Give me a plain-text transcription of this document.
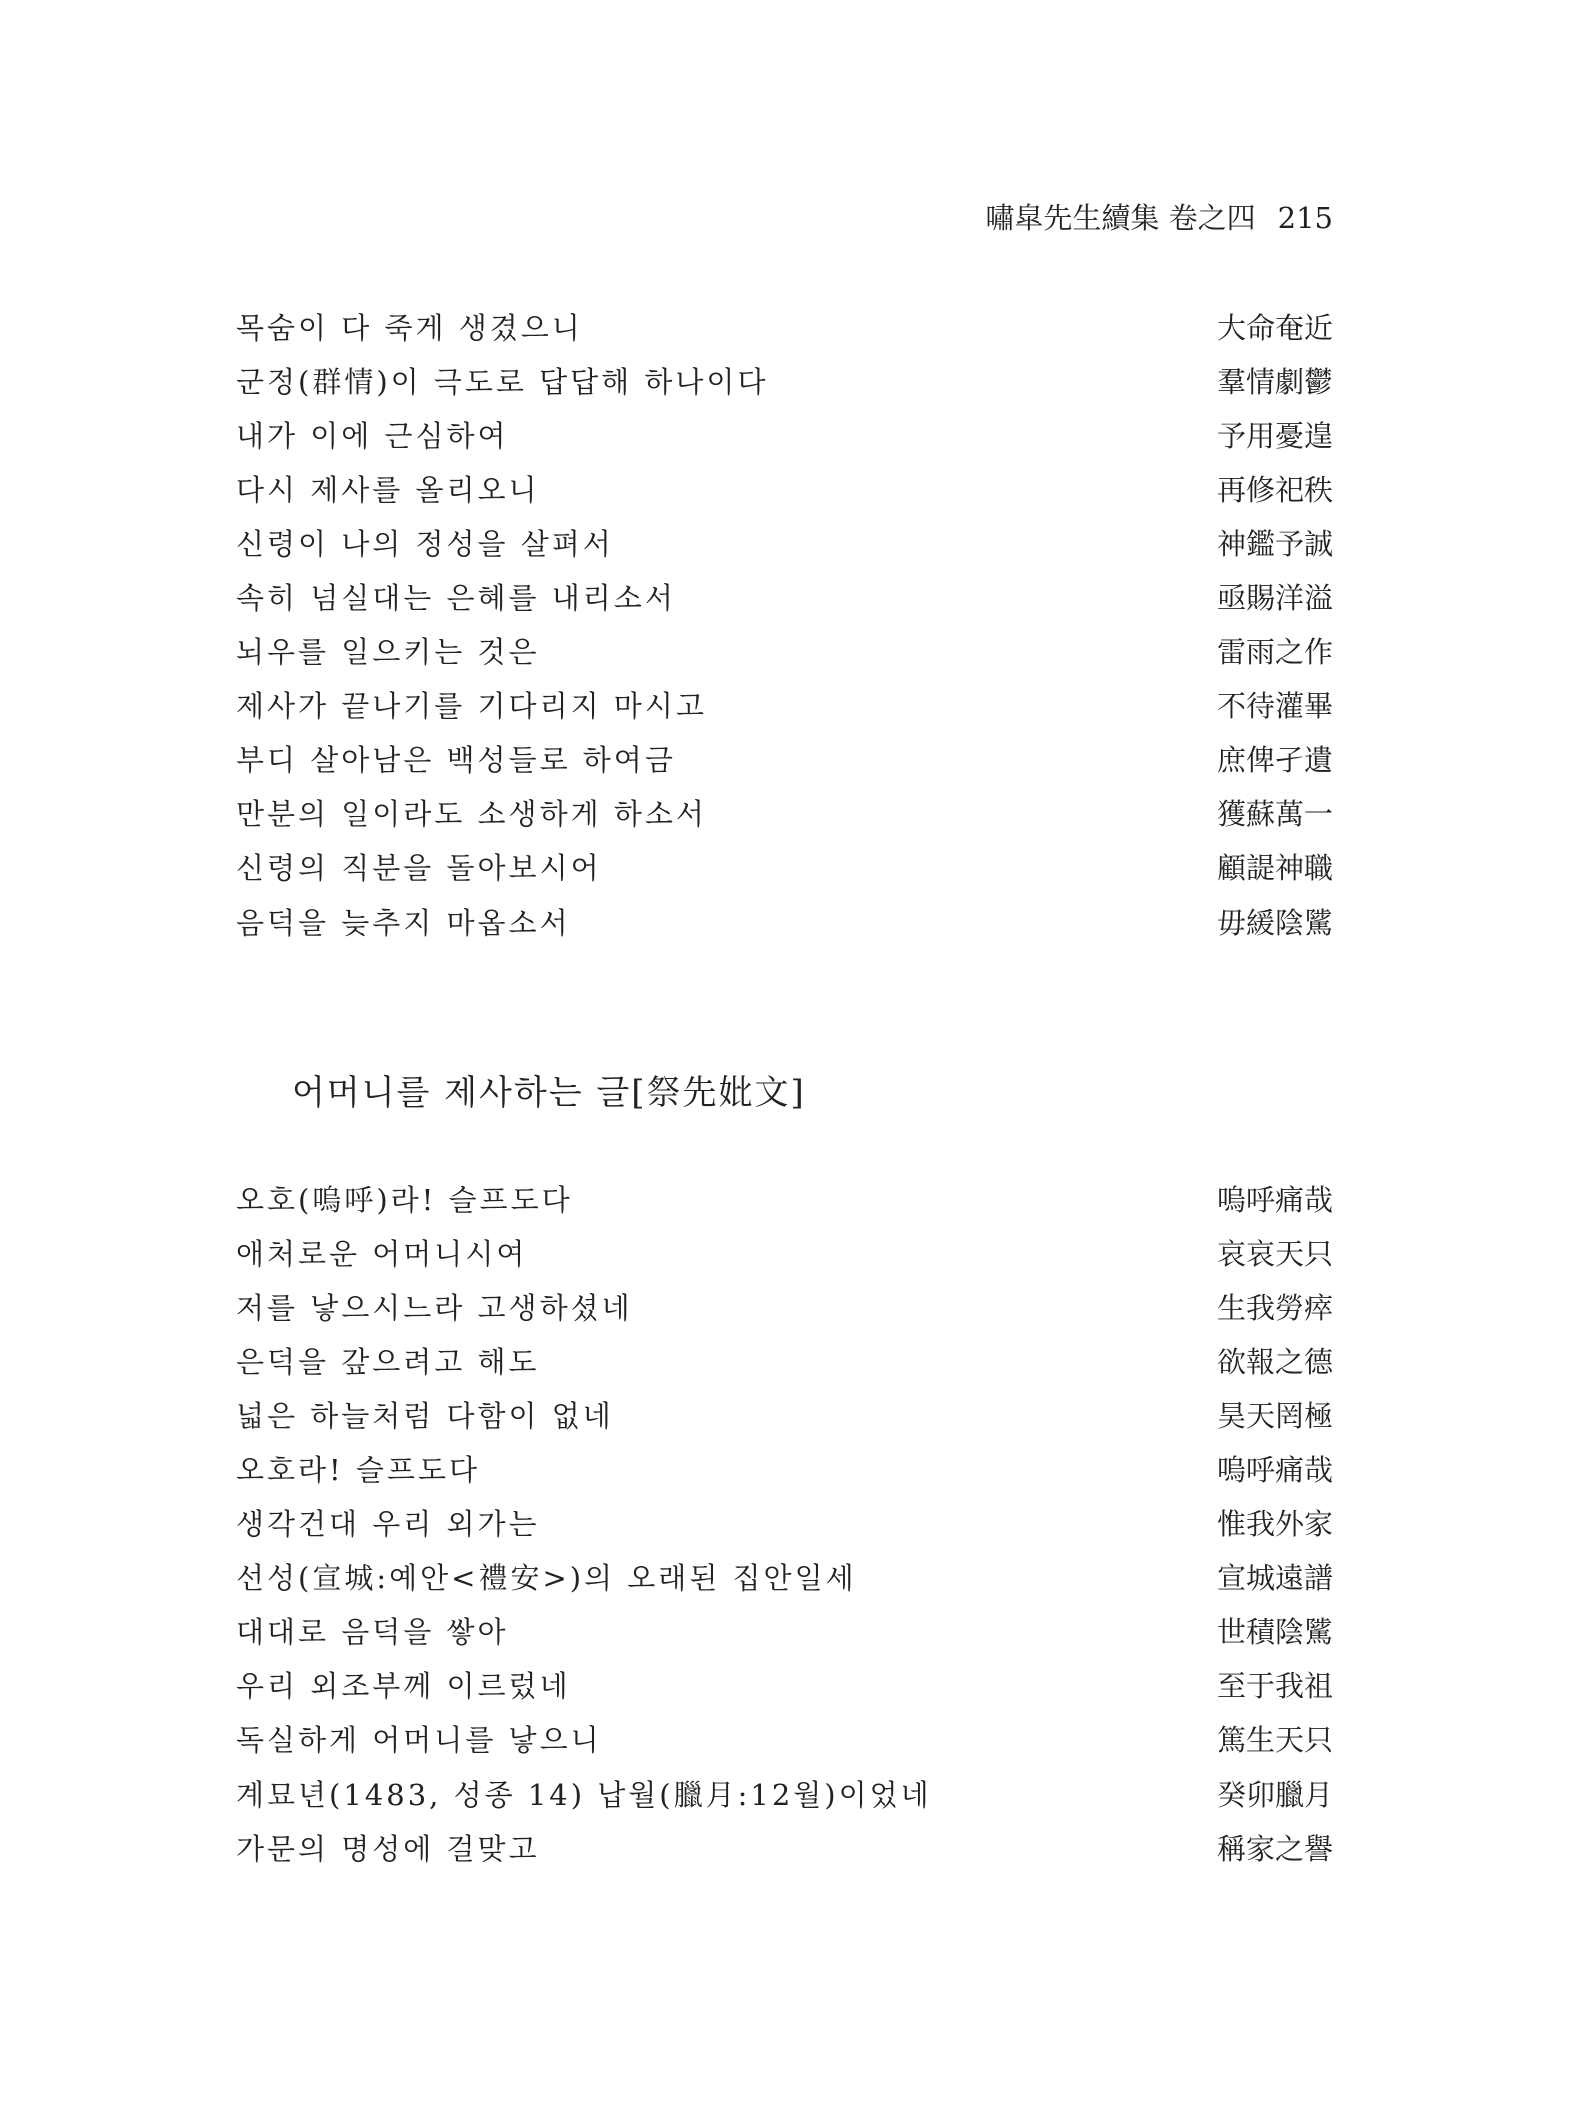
嘯皐先生續集 卷之四 215
목숨이 다 죽게 생겼으니	大命奄近
군정(群情)이 극도로 답답해 하나이다	羣情劇鬱
내가 이에 근심하여	予用憂遑
다시 제사를 올리오니	再修祀秩
신령이 나의 정성을 살펴서	神鑑予誠
속히 넘실대는 은혜를 내리소서	亟賜洋溢
뇌우를 일으키는 것은	雷雨之作
제사가 끝나기를 기다리지 마시고	不待灌畢
부디 살아남은 백성들로 하여금	庶俾孑遺
만분의 일이라도 소생하게 하소서	獲蘇萬一
신령의 직분을 돌아보시어	顧諟神職
음덕을 늦추지 마옵소서	毋緩陰騭
어머니를 제사하는 글[祭先妣文]
오호(嗚呼)라! 슬프도다	嗚呼痛哉
애처로운 어머니시여	哀哀天只
저를 낳으시느라 고생하셨네	生我勞瘁
은덕을 갚으려고 해도	欲報之德
넓은 하늘처럼 다함이 없네	昊天罔極
오호라! 슬프도다	嗚呼痛哉
생각건대 우리 외가는	惟我外家
선성(宣城:예안<禮安>)의 오래된 집안일세	宣城遠譜
대대로 음덕을 쌓아	世積陰騭
우리 외조부께 이르렀네	至于我祖
독실하게 어머니를 낳으니	篤生天只
계묘년(1483, 성종 14) 납월(臘月:12월)이었네	癸卯臘月
가문의 명성에 걸맞고	稱家之譽
